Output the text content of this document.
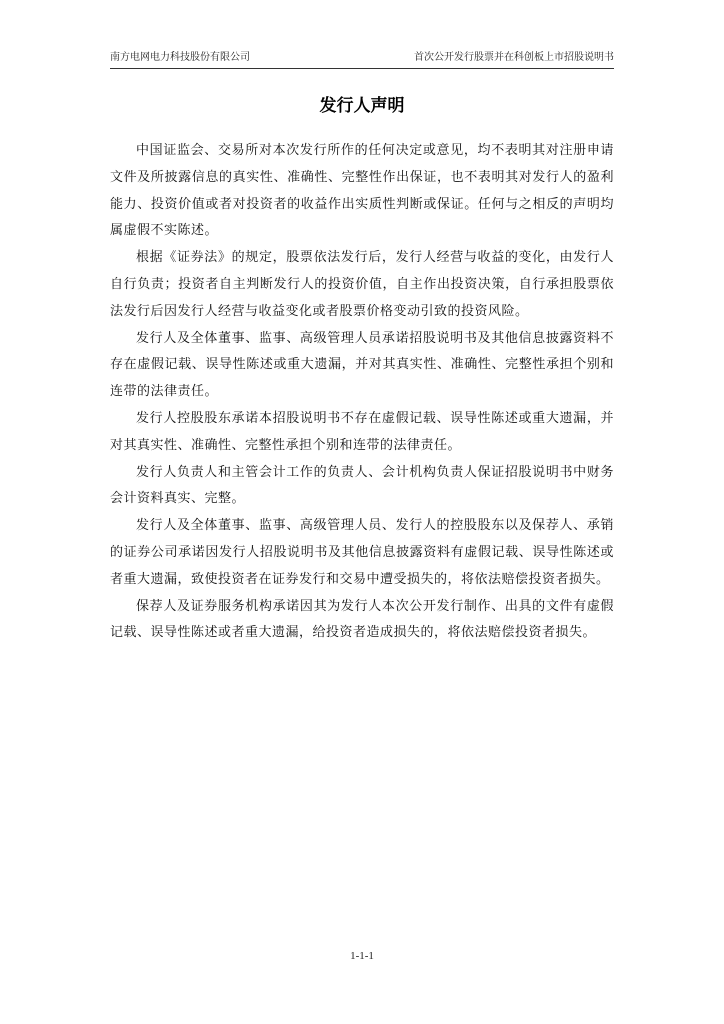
南方电网电力科技股份有限公司	首次公开发行股票并在科创板上市招股说明书
发行人声明

中国证监会、交易所对本次发行所作的任何决定或意见，均不表明其对注册申请文件及所披露信息的真实性、准确性、完整性作出保证，也不表明其对发行人的盈利能力、投资价值或者对投资者的收益作出实质性判断或保证。任何与之相反的声明均属虚假不实陈述。

根据《证券法》的规定，股票依法发行后，发行人经营与收益的变化，由发行人自行负责；投资者自主判断发行人的投资价值，自主作出投资决策，自行承担股票依法发行后因发行人经营与收益变化或者股票价格变动引致的投资风险。

发行人及全体董事、监事、高级管理人员承诺招股说明书及其他信息披露资料不存在虚假记载、误导性陈述或重大遗漏，并对其真实性、准确性、完整性承担个别和连带的法律责任。

发行人控股股东承诺本招股说明书不存在虚假记载、误导性陈述或重大遗漏，并对其真实性、准确性、完整性承担个别和连带的法律责任。

发行人负责人和主管会计工作的负责人、会计机构负责人保证招股说明书中财务会计资料真实、完整。

发行人及全体董事、监事、高级管理人员、发行人的控股股东以及保荐人、承销的证券公司承诺因发行人招股说明书及其他信息披露资料有虚假记载、误导性陈述或者重大遗漏，致使投资者在证券发行和交易中遭受损失的，将依法赔偿投资者损失。

保荐人及证券服务机构承诺因其为发行人本次公开发行制作、出具的文件有虚假记载、误导性陈述或者重大遗漏，给投资者造成损失的，将依法赔偿投资者损失。

1-1-1
